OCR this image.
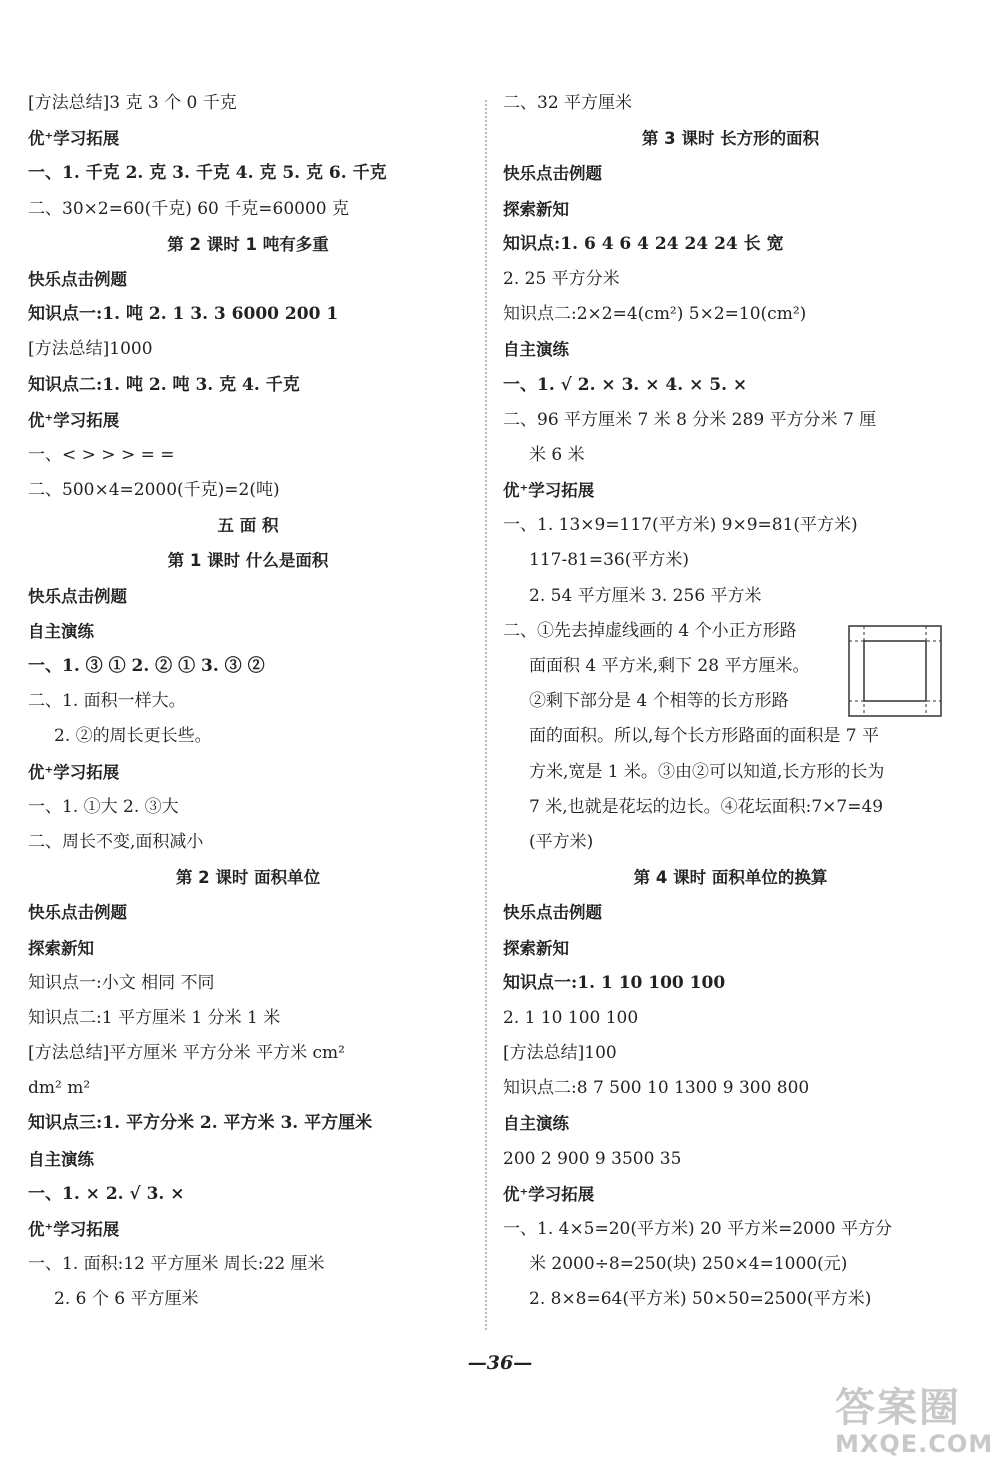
[方法总结]3 克 3 个 0 千克
优⁺学习拓展
一、1. 千克 2. 克 3. 千克 4. 克 5. 克 6. 千克
二、30×2=60(千克) 60 千克=60000 克
第 2 课时 1 吨有多重
快乐点击例题
知识点一:1. 吨 2. 1 3. 3 6000 200 1
[方法总结]1000
知识点二:1. 吨 2. 吨 3. 克 4. 千克
优⁺学习拓展
一、< > > > = =
二、500×4=2000(千克)=2(吨)
五 面 积
第 1 课时 什么是面积
快乐点击例题
自主演练
一、1. ③ ① 2. ② ① 3. ③ ②
二、1. 面积一样大。
2. ②的周长更长些。
优⁺学习拓展
一、1. ①大 2. ③大
二、周长不变,面积减小
第 2 课时 面积单位
快乐点击例题
探索新知
知识点一:小文 相同 不同
知识点二:1 平方厘米 1 分米 1 米
[方法总结]平方厘米 平方分米 平方米 cm²
dm² m²
知识点三:1. 平方分米 2. 平方米 3. 平方厘米
自主演练
一、1. × 2. √ 3. ×
优⁺学习拓展
一、1. 面积:12 平方厘米 周长:22 厘米
2. 6 个 6 平方厘米
二、32 平方厘米
第 3 课时 长方形的面积
快乐点击例题
探索新知
知识点:1. 6 4 6 4 24 24 24 长 宽
2. 25 平方分米
知识点二:2×2=4(cm²) 5×2=10(cm²)
自主演练
一、1. √ 2. × 3. × 4. × 5. ×
二、96 平方厘米 7 米 8 分米 289 平方分米 7 厘
米 6 米
优⁺学习拓展
一、1. 13×9=117(平方米) 9×9=81(平方米)
117-81=36(平方米)
2. 54 平方厘米 3. 256 平方米
二、①先去掉虚线画的 4 个小正方形路
面面积 4 平方米,剩下 28 平方厘米。
②剩下部分是 4 个相等的长方形路
面的面积。所以,每个长方形路面的面积是 7 平
方米,宽是 1 米。③由②可以知道,长方形的长为
7 米,也就是花坛的边长。④花坛面积:7×7=49
(平方米)
第 4 课时 面积单位的换算
快乐点击例题
探索新知
知识点一:1. 1 10 100 100
2. 1 10 100 100
[方法总结]100
知识点二:8 7 500 10 1300 9 300 800
自主演练
200 2 900 9 3500 35
优⁺学习拓展
一、1. 4×5=20(平方米) 20 平方米=2000 平方分
米 2000÷8=250(块) 250×4=1000(元)
2. 8×8=64(平方米) 50×50=2500(平方米)
—36—
答案圈
MXQE.COM
